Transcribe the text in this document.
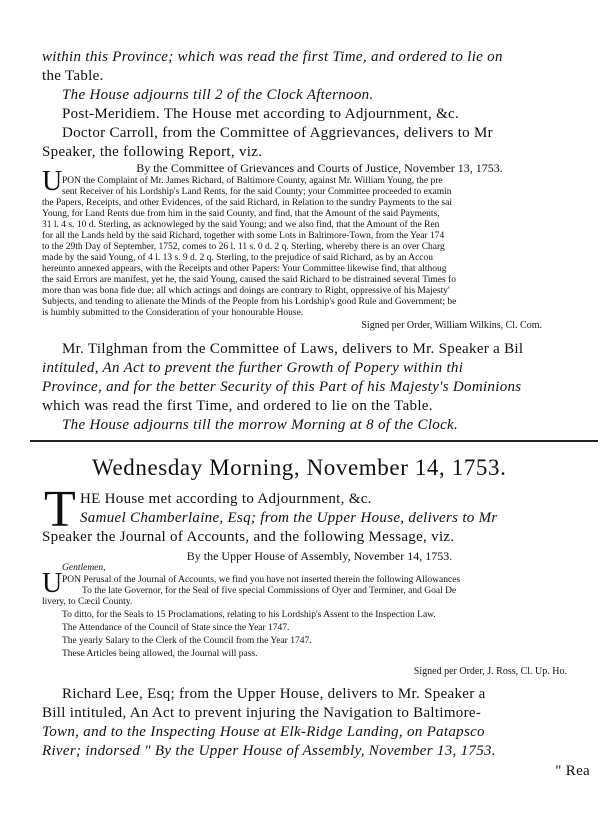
within this Province; which was read the first Time, and ordered to lie on
the Table.
The House adjourns till 2 of the Clock Afternoon.
Post-Meridiem. The House met according to Adjournment, &c.
Doctor Carroll, from the Committee of Aggrievances, delivers to Mr
Speaker, the following Report, viz.
By the Committee of Grievances and Courts of Justice, November 13, 1753.
U PON the Complaint of Mr. James Richard, of Baltimore County, against Mr. William Young, the pre
sent Receiver of his Lordship's Land Rents, for the said County; your Committee proceeded to examin
the Papers, Receipts, and other Evidences, of the said Richard, in Relation to the sundry Payments to the sai
Young, for Land Rents due from him in the said County, and find, that the Amount of the said Payments,
31 l. 4 s. 10 d. Sterling, as acknowleged by the said Young; and we also find, that the Amount of the Ren
for all the Lands held by the said Richard, together with some Lots in Baltimore-Town, from the Year 174
to the 29th Day of September, 1752, comes to 26 l. 11 s. 0 d. 2 q. Sterling, whereby there is an over Charg
made by the said Young, of 4 l. 13 s. 9 d. 2 q. Sterling, to the prejudice of said Richard, as by an Accou
hereunto annexed appears, with the Receipts and other Papers: Your Committee likewise find, that althoug
the said Errors are manifest, yet he, the said Young, caused the said Richard to be distrained several Times fo
more than was bona fide due; all which actings and doings are contrary to Right, oppressive of his Majesty'
Subjects, and tending to alienate the Minds of the People from his Lordship's good Rule and Government; be
is humbly submitted to the Consideration of your honourable House.
Signed per Order, William Wilkins, Cl. Com.
Mr. Tilghman from the Committee of Laws, delivers to Mr. Speaker a Bil
intituled, An Act to prevent the further Growth of Popery within thi
Province, and for the better Security of this Part of his Majesty's Dominions
which was read the first Time, and ordered to lie on the Table.
The House adjourns till the morrow Morning at 8 of the Clock.
Wednesday Morning, November 14, 1753.
T HE House met according to Adjournment, &c.
Samuel Chamberlaine, Esq; from the Upper House, delivers to Mr
Speaker the Journal of Accounts, and the following Message, viz.
By the Upper House of Assembly, November 14, 1753.
Gentlemen,
U PON Perusal of the Journal of Accounts, we find you have not inserted therein the following Allowances
To the late Governor, for the Seal of five special Commissions of Oyer and Terminer, and Goal De
livery, to Cæcil County.
To ditto, for the Seals to 15 Proclamations, relating to his Lordship's Assent to the Inspection Law.
The Attendance of the Council of State since the Year 1747.
The yearly Salary to the Clerk of the Council from the Year 1747.
These Articles being allowed, the Journal will pass.
Signed per Order, J. Ross, Cl. Up. Ho.
Richard Lee, Esq; from the Upper House, delivers to Mr. Speaker a
Bill intituled, An Act to prevent injuring the Navigation to Baltimore-
Town, and to the Inspecting House at Elk-Ridge Landing, on Patapsco
River; indorsed " By the Upper House of Assembly, November 13, 1753.
" Rea
